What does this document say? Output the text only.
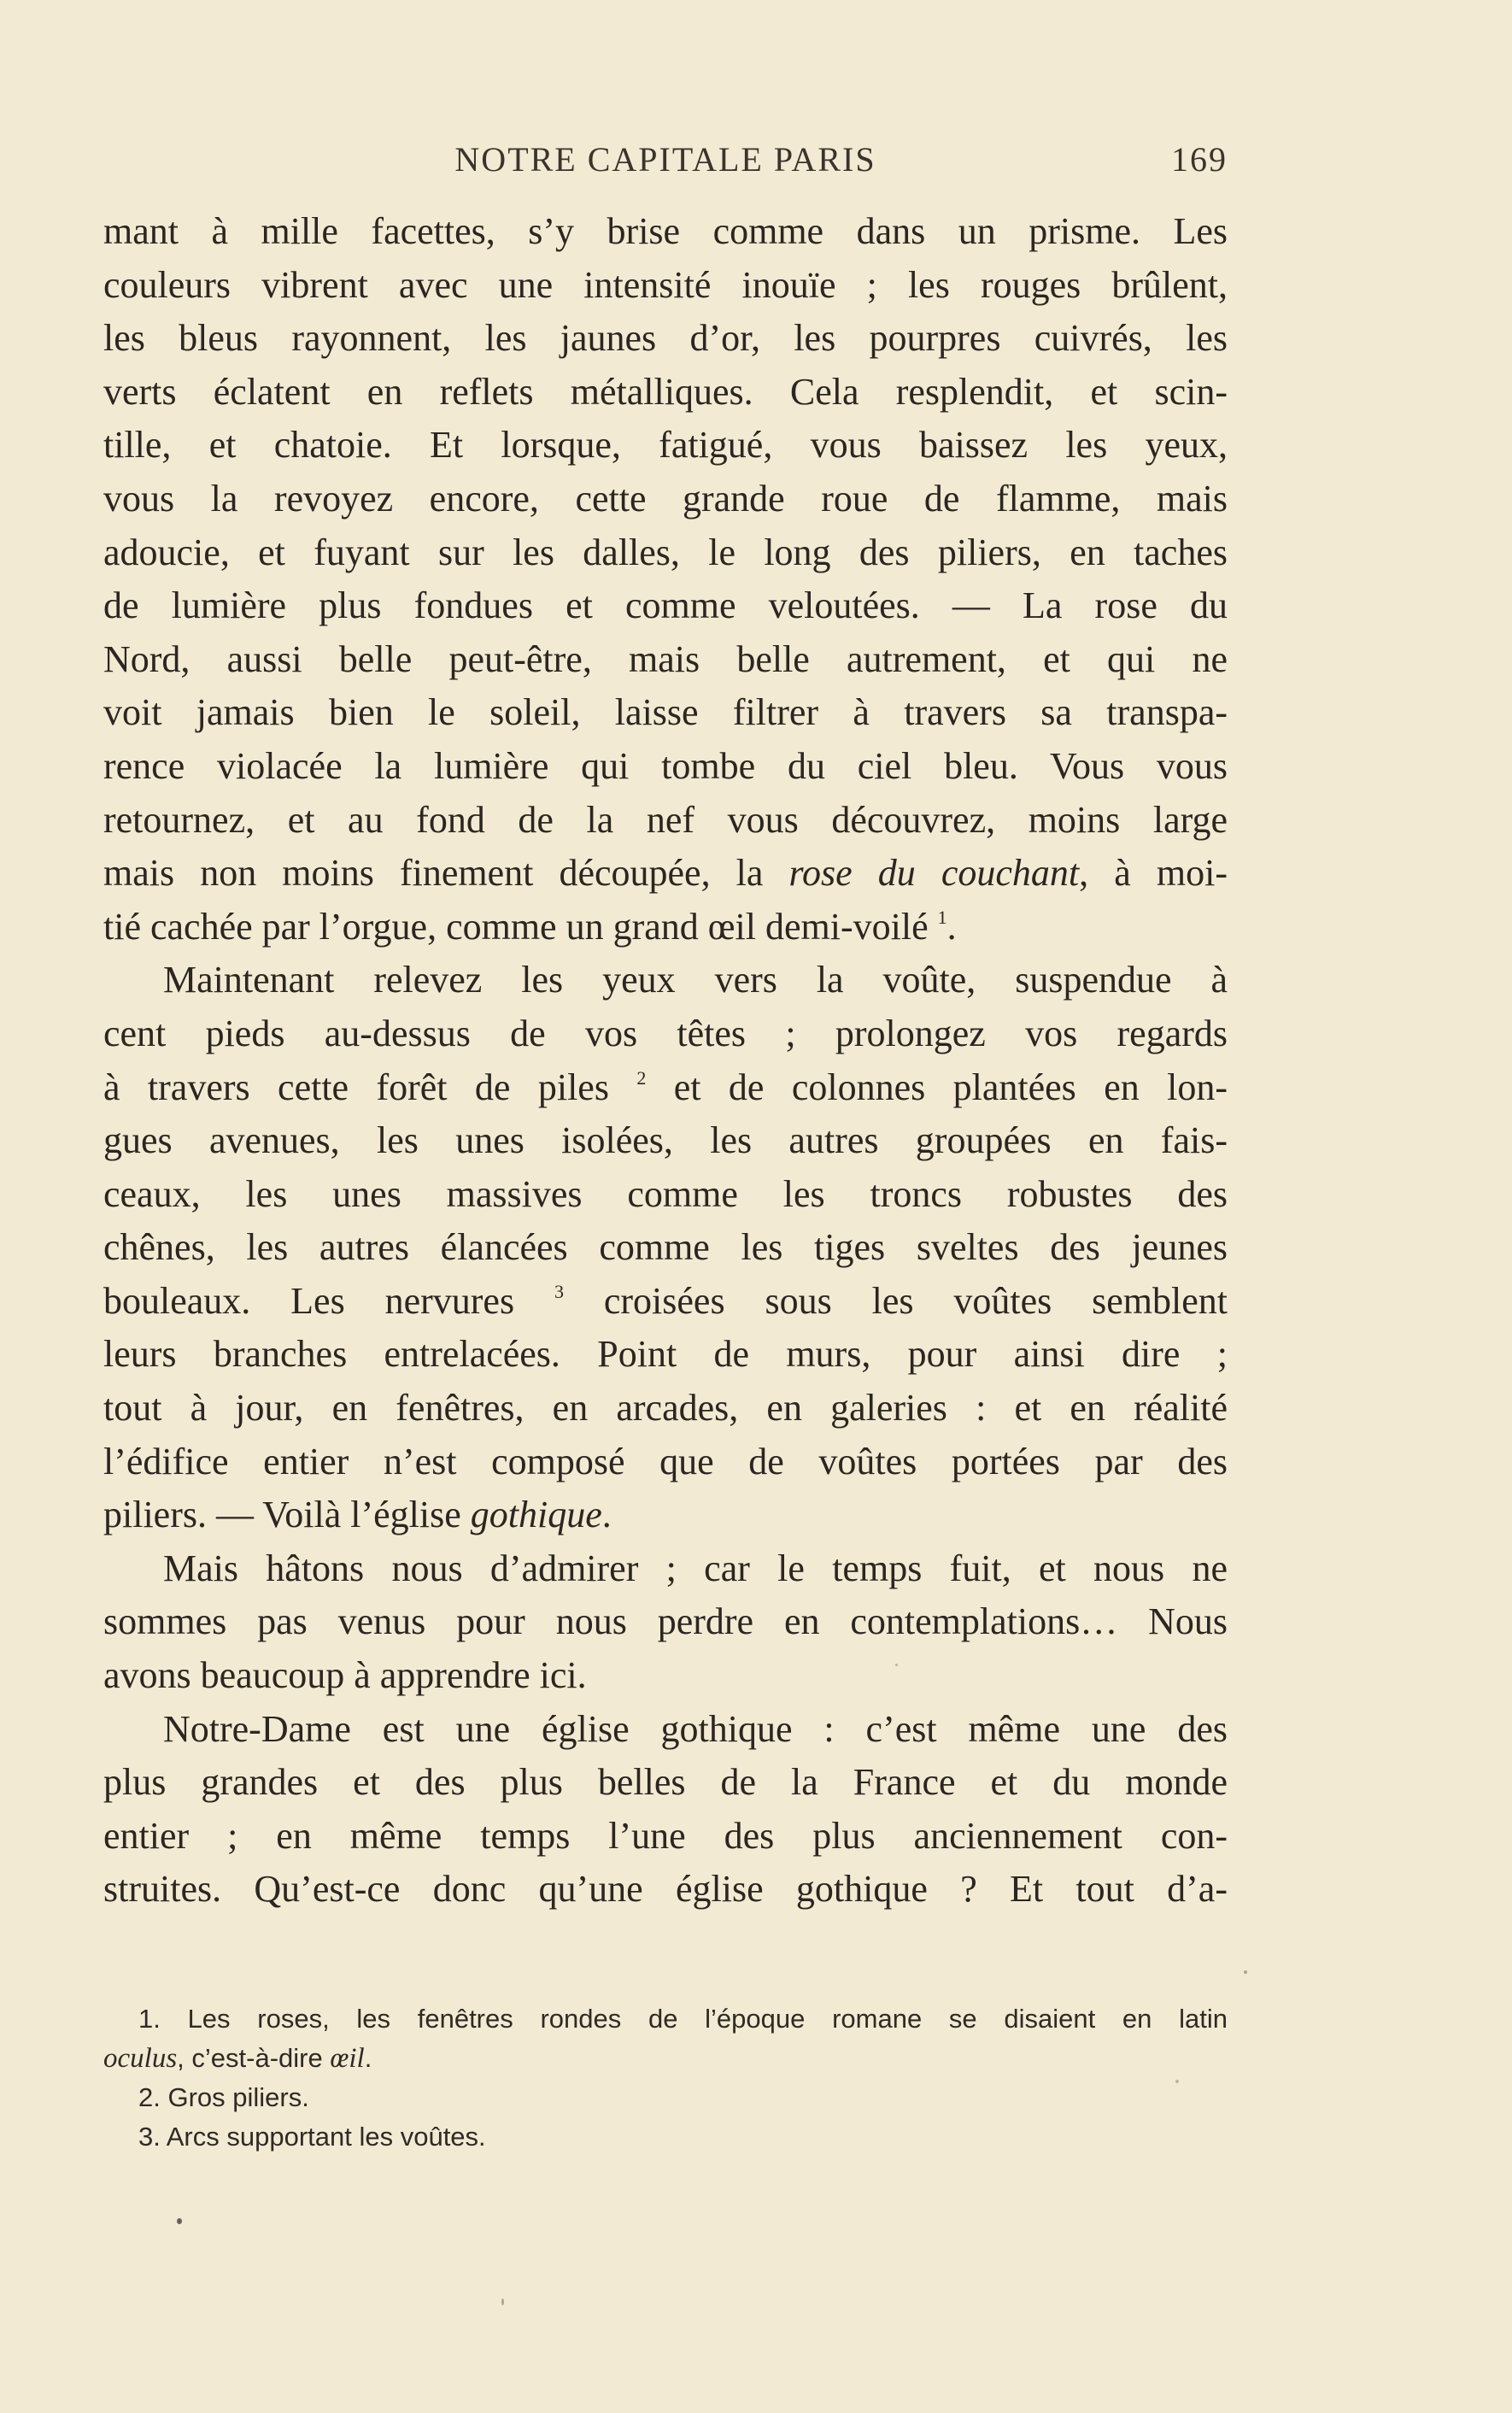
NOTRE CAPITALE PARIS	169
mant à mille facettes, s’y brise comme dans un prisme. Les
couleurs vibrent avec une intensité inouïe ; les rouges brûlent,
les bleus rayonnent, les jaunes d’or, les pourpres cuivrés, les
verts éclatent en reflets métalliques. Cela resplendit, et scin-
tille, et chatoie. Et lorsque, fatigué, vous baissez les yeux,
vous la revoyez encore, cette grande roue de flamme, mais
adoucie, et fuyant sur les dalles, le long des piliers, en taches
de lumière plus fondues et comme veloutées. — La rose du
Nord, aussi belle peut-être, mais belle autrement, et qui ne
voit jamais bien le soleil, laisse filtrer à travers sa transpa-
rence violacée la lumière qui tombe du ciel bleu. Vous vous
retournez, et au fond de la nef vous découvrez, moins large
mais non moins finement découpée, la rose du couchant, à moi-
tié cachée par l’orgue, comme un grand œil demi-voilé $^1$.
Maintenant relevez les yeux vers la voûte, suspendue à
cent pieds au-dessus de vos têtes ; prolongez vos regards
à travers cette forêt de piles $^2$ et de colonnes plantées en lon-
gues avenues, les unes isolées, les autres groupées en fais-
ceaux, les unes massives comme les troncs robustes des
chênes, les autres élancées comme les tiges sveltes des jeunes
bouleaux. Les nervures $^3$ croisées sous les voûtes semblent
leurs branches entrelacées. Point de murs, pour ainsi dire ;
tout à jour, en fenêtres, en arcades, en galeries : et en réalité
l’édifice entier n’est composé que de voûtes portées par des
piliers. — Voilà l’église gothique.
Mais hâtons nous d’admirer ; car le temps fuit, et nous ne
sommes pas venus pour nous perdre en contemplations… Nous
avons beaucoup à apprendre ici.
Notre-Dame est une église gothique : c’est même une des
plus grandes et des plus belles de la France et du monde
entier ; en même temps l’une des plus anciennement con-
struites. Qu’est-ce donc qu’une église gothique ? Et tout d’a-
1. Les roses, les fenêtres rondes de l’époque romane se disaient en latin
oculus, c’est-à-dire œil.
2. Gros piliers.
3. Arcs supportant les voûtes.
